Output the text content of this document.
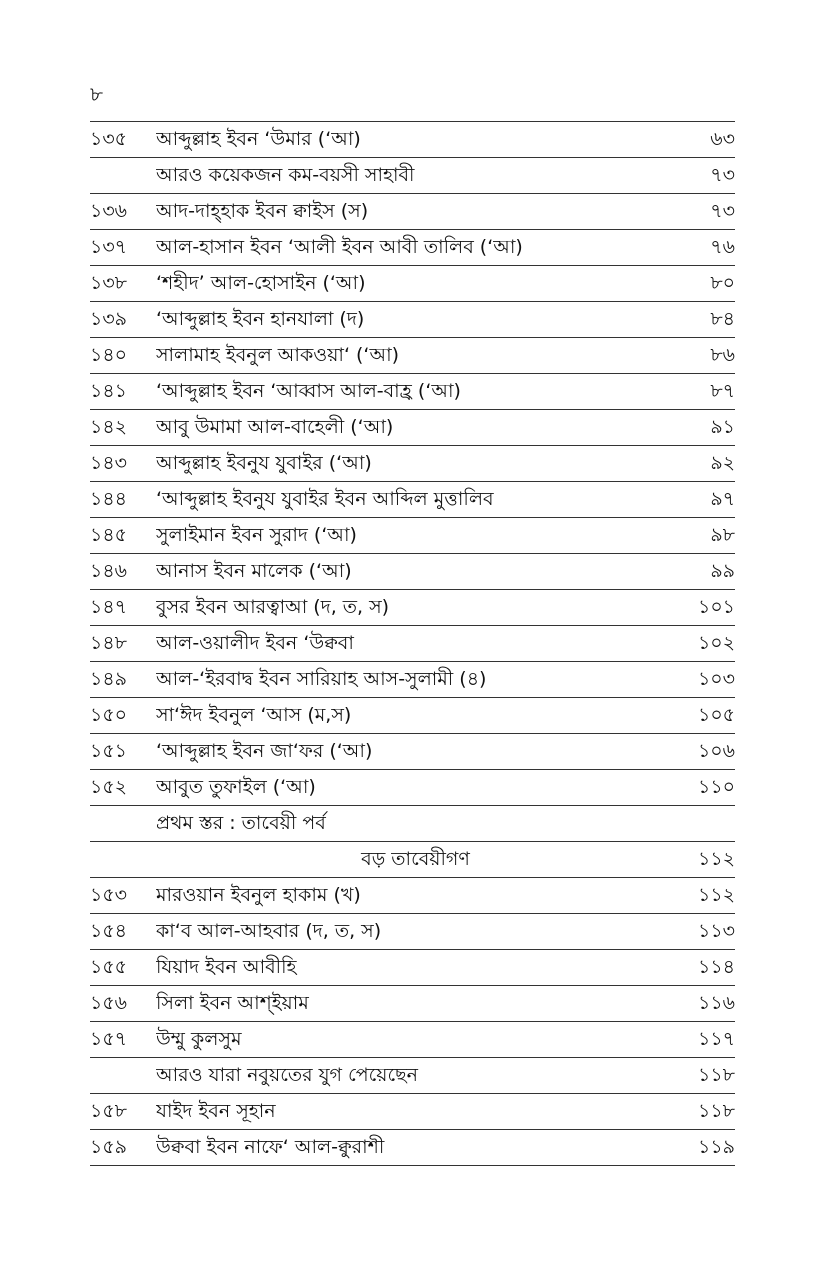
৮
১৩৫	আব্দুল্লাহ ইবন ‘উমার (‘আ)	৬৩
আরও কয়েকজন কম-বয়সী সাহাবী	৭৩
১৩৬	আদ-দাহ্হাক ইবন ক্বাইস (স)	৭৩
১৩৭	আল-হাসান ইবন ‘আলী ইবন আবী তালিব (‘আ)	৭৬
১৩৮	‘শহীদ’ আল-হোসাইন (‘আ)	৮০
১৩৯	‘আব্দুল্লাহ ইবন হানযালা (দ)	৮৪
১৪০	সালামাহ ইবনুল আকওয়া‘ (‘আ)	৮৬
১৪১	‘আব্দুল্লাহ ইবন ‘আব্বাস আল-বাহ্র (‘আ)	৮৭
১৪২	আবু উমামা আল-বাহেলী (‘আ)	৯১
১৪৩	আব্দুল্লাহ ইবনুয যুবাইর (‘আ)	৯২
১৪৪	‘আব্দুল্লাহ ইবনুয যুবাইর ইবন আব্দিল মুত্তালিব	৯৭
১৪৫	সুলাইমান ইবন সুরাদ (‘আ)	৯৮
১৪৬	আনাস ইবন মালেক (‘আ)	৯৯
১৪৭	বুসর ইবন আরত্বাআ (দ, ত, স)	১০১
১৪৮	আল-ওয়ালীদ ইবন ‘উক্ববা	১০২
১৪৯	আল-‘ইরবাদ্ব ইবন সারিয়াহ আস-সুলামী (৪)	১০৩
১৫০	সা‘ঈদ ইবনুল ‘আস (ম,স)	১০৫
১৫১	‘আব্দুল্লাহ ইবন জা‘ফর (‘আ)	১০৬
১৫২	আবুত তুফাইল (‘আ)	১১০
প্রথম স্তর : তাবেয়ী পর্ব
বড় তাবেয়ীগণ	১১২
১৫৩	মারওয়ান ইবনুল হাকাম (খ)	১১২
১৫৪	কা‘ব আল-আহবার (দ, ত, স)	১১৩
১৫৫	যিয়াদ ইবন আবীহি	১১৪
১৫৬	সিলা ইবন আশ্ইয়াম	১১৬
১৫৭	উম্মু কুলসুম	১১৭
আরও যারা নবুয়তের যুগ পেয়েছেন	১১৮
১৫৮	যাইদ ইবন সূহান	১১৮
১৫৯	উক্ববা ইবন নাফে‘ আল-ক্বুরাশী	১১৯
